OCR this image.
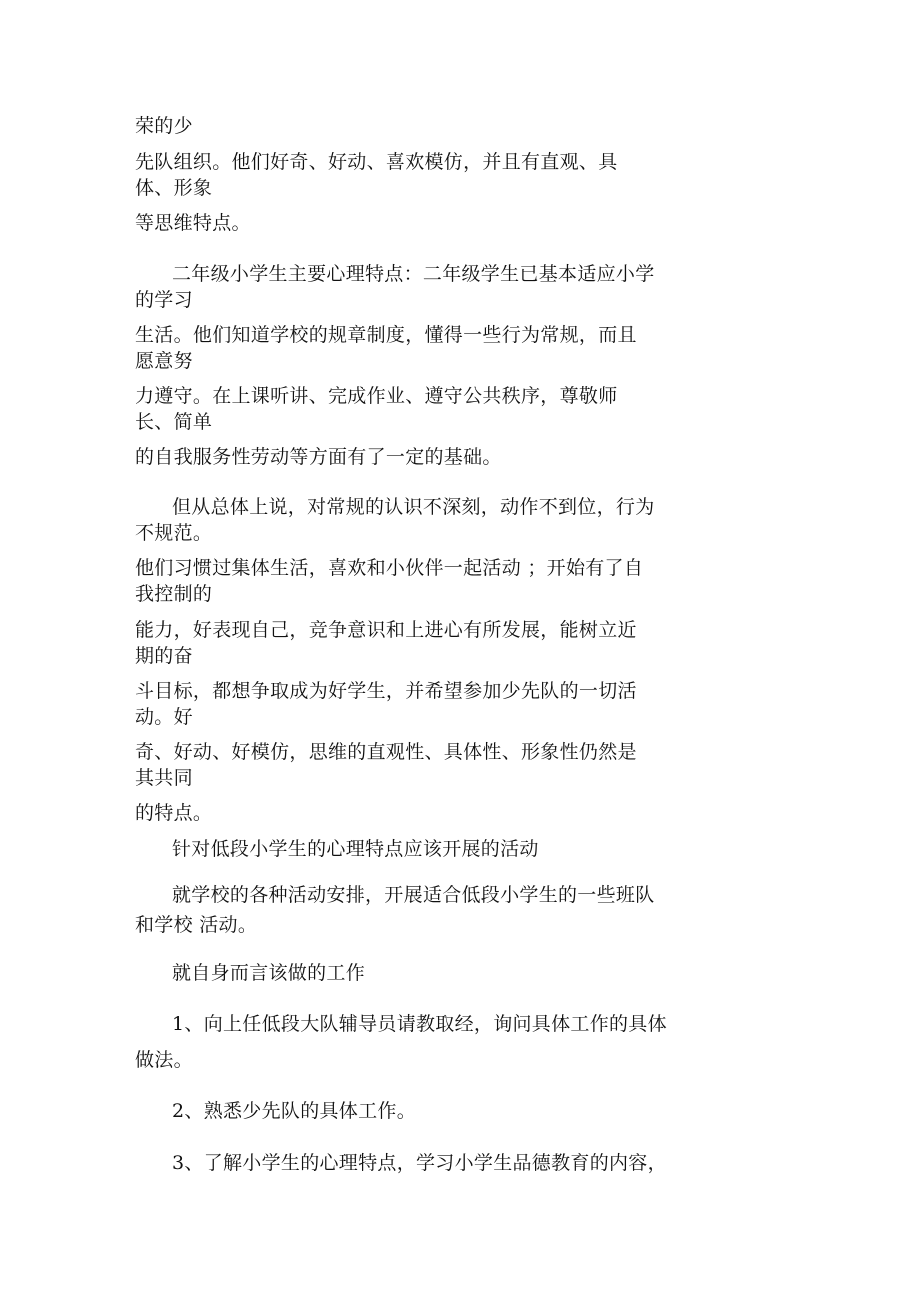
荣的少
先队组织。他们好奇、好动、喜欢模仿，并且有直观、具
体、形象
等思维特点。
二年级小学生主要心理特点：二年级学生已基本适应小学
的学习
生活。他们知道学校的规章制度，懂得一些行为常规，而且
愿意努
力遵守。在上课听讲、完成作业、遵守公共秩序，尊敬师
长、简单
的自我服务性劳动等方面有了一定的基础。
但从总体上说，对常规的认识不深刻，动作不到位，行为
不规范。
他们习惯过集体生活，喜欢和小伙伴一起活动 ；开始有了自
我控制的
能力，好表现自己，竞争意识和上进心有所发展，能树立近
期的奋
斗目标，都想争取成为好学生，并希望参加少先队的一切活
动。好
奇、好动、好模仿，思维的直观性、具体性、形象性仍然是
其共同
的特点。
针对低段小学生的心理特点应该开展的活动
就学校的各种活动安排，开展适合低段小学生的一些班队
和学校 活动。
就自身而言该做的工作
1、向上任低段大队辅导员请教取经，询问具体工作的具体
做法。
2、熟悉少先队的具体工作。
3、了解小学生的心理特点，学习小学生品德教育的内容，
